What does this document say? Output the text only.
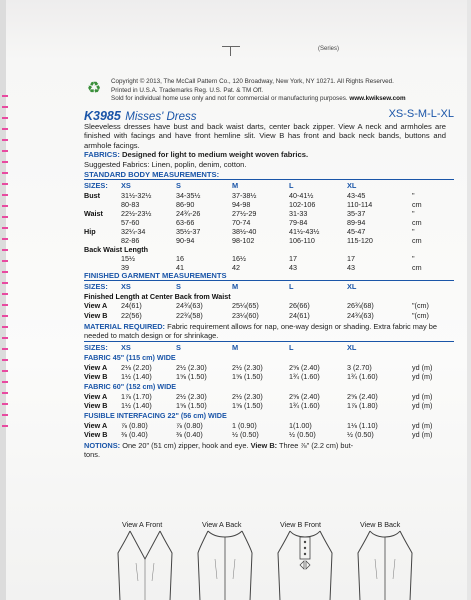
(Series)
♻ Copyright © 2013, The McCall Pattern Co., 120 Broadway, New York, NY 10271. All Rights Reserved.
Printed in U.S.A. Trademarks Reg. U.S. Pat. & TM Off.
Sold for individual home use only and not for commercial or manufacturing purposes. www.kwiksew.com
K3985 Misses' Dress	XS-S-M-L-XL
Sleeveless dresses have bust and back waist darts, center back zipper. View A neck and armholes are finished with facings and have front hemline slit. View B has front and back neck bands, buttons and armhole facings.
FABRICS: Designed for light to medium weight woven fabrics.
Suggested Fabrics: Linen, poplin, denim, cotton.
MATERIAL REQUIRED: Fabric requirement allows for nap, one-way design or shading. Extra fabric may be needed to match design or for shrinkage.
NOTIONS: One 20" (51 cm) zipper, hook and eye. View B: Three ⅞" (2.2 cm) but-
tons.
View A Front	View A Back	View B Front	View B Back
STANDARD BODY MEASUREMENTS:
SIZES: XS	S	M	L	XL
Bust	31½-32½	34-35½	37-38½	40-41½	43-45	"
80-83	86-90	94-98	102-106	110-114	cm
Waist	22½-23½	24¾-26	27½-29	31-33	35-37	"
57-60	63-66	70-74	79-84	89-94	cm
Hip	32¼-34	35½-37	38½-40	41½-43½	45-47	"
82-86	90-94	98-102	106-110	115-120	cm
Back Waist Length
15½	16	16½	17	17	"
39	41	42	43	43	cm
FINISHED GARMENT MEASUREMENTS
SIZES: XS	S	M	L	XL
Finished Length at Center Back from Waist
View A 24(61)	24¾(63)	25¼(65)	26(66)	26¾(68)	"(cm)
View B 22(56)	22¾(58)	23¼(60)	24(61)	24¾(63)	"(cm)
SIZES: XS	S	M	L	XL
FABRIC 45" (115 cm) WIDE
View A 2⅛ (2.20)	2½ (2.30)	2½ (2.30)	2⅝ (2.40)	3 (2.70)	yd (m)
View B 1½ (1.40)	1⅝ (1.50)	1⅝ (1.50)	1¾ (1.60)	1¾ (1.60)	yd (m)
FABRIC 60" (152 cm) WIDE
View A 1⅞ (1.70)	2½ (2.30)	2½ (2.30)	2⅝ (2.40)	2⅝ (2.40)	yd (m)
View B 1½ (1.40)	1⅝ (1.50)	1⅝ (1.50)	1¾ (1.60)	1⅞ (1.80)	yd (m)
FUSIBLE INTERFACING 22" (56 cm) WIDE
View A ⅞ (0.80)	⅞ (0.80)	1 (0.90)	1(1.00)	1⅛ (1.10)	yd (m)
View B ⅜ (0.40)	⅜ (0.40)	½ (0.50)	½ (0.50)	½ (0.50)	yd (m)
